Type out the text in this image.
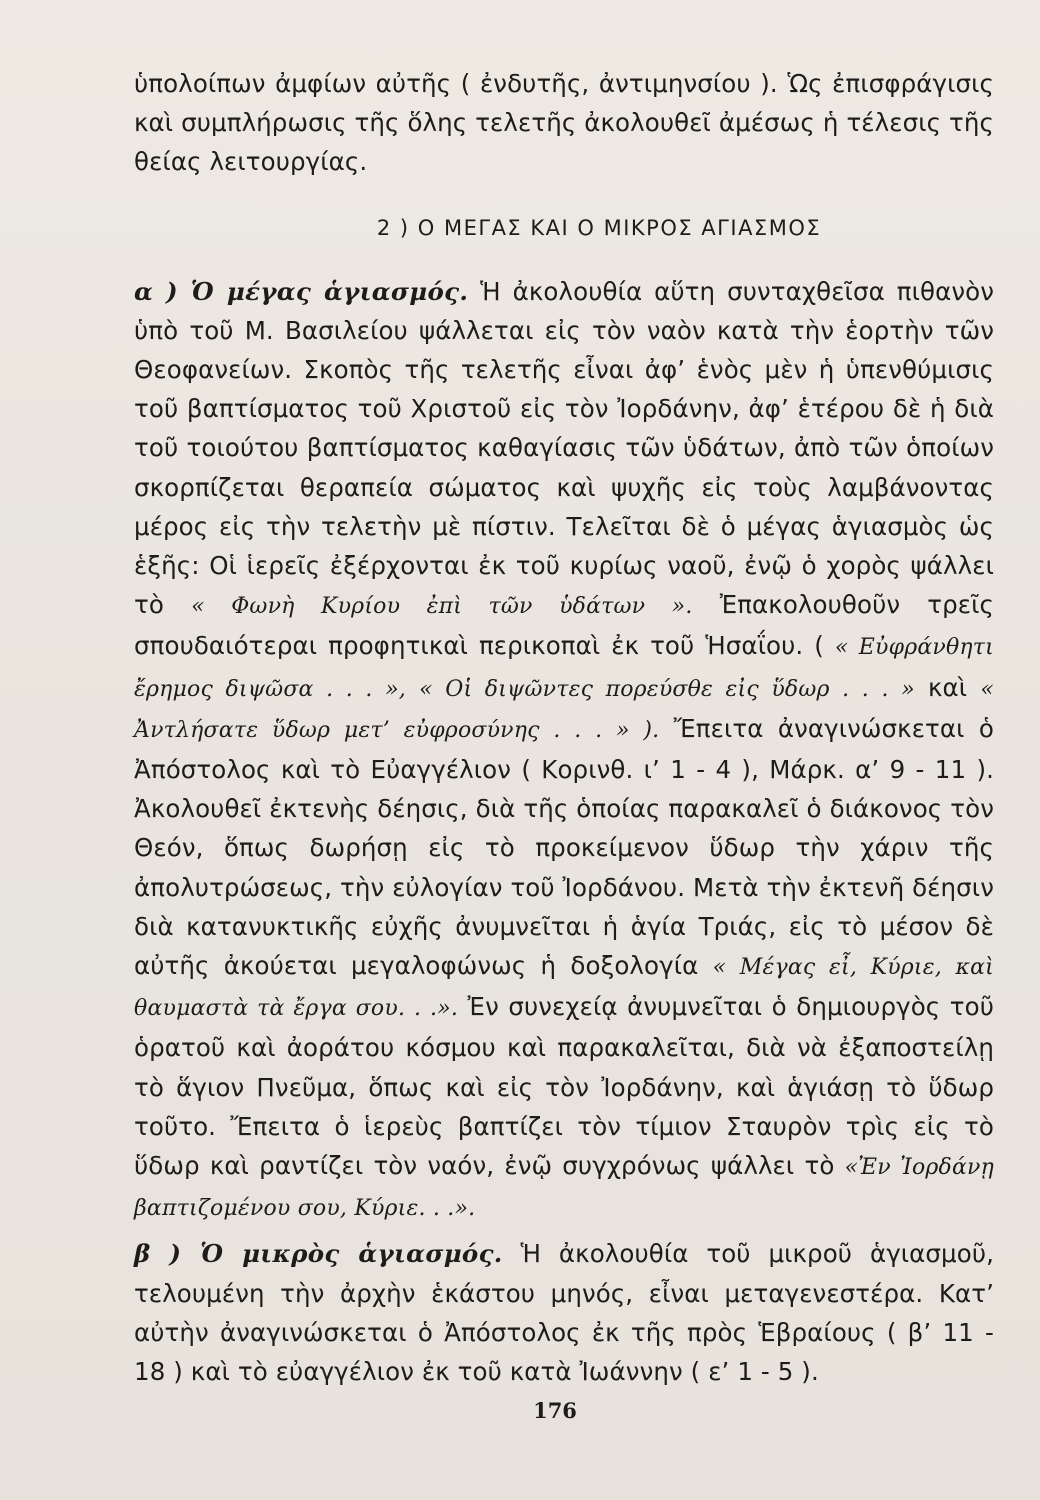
ὑπολοίπων ἀμφίων αὐτῆς ( ἐνδυτῆς, ἀντιμηνσίου ). Ὡς ἐπισφράγισις καὶ συμπλήρωσις τῆς ὅλης τελετῆς ἀκολουθεῖ ἀμέσως ἡ τέλεσις τῆς θείας λειτουργίας.

2 ) Ο ΜΕΓΑΣ ΚΑΙ Ο ΜΙΚΡΟΣ ΑΓΙΑΣΜΟΣ

α ) Ὁ μέγας ἁγιασμός. Ἡ ἀκολουθία αὕτη συνταχθεῖσα πιθανὸν ὑπὸ τοῦ Μ. Βασιλείου ψάλλεται εἰς τὸν ναὸν κατὰ τὴν ἑορτὴν τῶν Θεοφανείων. Σκοπὸς τῆς τελετῆς εἶναι ἀφ’ ἑνὸς μὲν ἡ ὑπενθύμισις τοῦ βαπτίσματος τοῦ Χριστοῦ εἰς τὸν Ἰορδάνην, ἀφ’ ἑτέρου δὲ ἡ διὰ τοῦ τοιούτου βαπτίσματος καθαγίασις τῶν ὑδάτων, ἀπὸ τῶν ὁποίων σκορπίζεται θεραπεία σώματος καὶ ψυχῆς εἰς τοὺς λαμβάνοντας μέρος εἰς τὴν τελετὴν μὲ πίστιν. Τελεῖται δὲ ὁ μέγας ἁγιασμὸς ὡς ἑξῆς: Οἱ ἱερεῖς ἐξέρχονται ἐκ τοῦ κυρίως ναοῦ, ἐνῷ ὁ χορὸς ψάλλει τὸ « Φωνὴ Κυρίου ἐπὶ τῶν ὑδάτων ». Ἐπακολουθοῦν τρεῖς σπουδαιότεραι προφητικαὶ περικοπαὶ ἐκ τοῦ Ἡσαΐου. ( « Εὐφράνθητι ἔρημος διψῶσα . . . », « Οἱ διψῶντες πορεύσθε εἰς ὕδωρ . . . » καὶ « Ἀντλήσατε ὕδωρ μετ’ εὐφροσύνης . . . » ). Ἔπειτα ἀναγινώσκεται ὁ Ἀπόστολος καὶ τὸ Εὐαγγέλιον ( Κορινθ. ι’ 1 - 4 ), Μάρκ. α’ 9 - 11 ). Ἀκολουθεῖ ἐκτενὴς δέησις, διὰ τῆς ὁποίας παρακαλεῖ ὁ διάκονος τὸν Θεόν, ὅπως δωρήσῃ εἰς τὸ προκείμενον ὕδωρ τὴν χάριν τῆς ἀπολυτρώσεως, τὴν εὐλογίαν τοῦ Ἰορδάνου. Μετὰ τὴν ἐκτενῆ δέησιν διὰ κατανυκτικῆς εὐχῆς ἀνυμνεῖται ἡ ἁγία Τριάς, εἰς τὸ μέσον δὲ αὐτῆς ἀκούεται μεγαλοφώνως ἡ δοξολογία « Μέγας εἶ, Κύριε, καὶ θαυμαστὰ τὰ ἔργα σου. . .». Ἐν συνεχείᾳ ἀνυμνεῖται ὁ δημιουργὸς τοῦ ὁρατοῦ καὶ ἀοράτου κόσμου καὶ παρακαλεῖται, διὰ νὰ ἐξαποστείλῃ τὸ ἅγιον Πνεῦμα, ὅπως καὶ εἰς τὸν Ἰορδάνην, καὶ ἁγιάσῃ τὸ ὕδωρ τοῦτο. Ἔπειτα ὁ ἱερεὺς βαπτίζει τὸν τίμιον Σταυρὸν τρὶς εἰς τὸ ὕδωρ καὶ ραντίζει τὸν ναόν, ἐνῷ συγχρόνως ψάλλει τὸ «Ἐν Ἰορδάνῃ βαπτιζομένου σου, Κύριε. . .».

β ) Ὁ μικρὸς ἁγιασμός. Ἡ ἀκολουθία τοῦ μικροῦ ἁγιασμοῦ, τελουμένη τὴν ἀρχὴν ἑκάστου μηνός, εἶναι μεταγενεστέρα. Κατ’ αὐτὴν ἀναγινώσκεται ὁ Ἀπόστολος ἐκ τῆς πρὸς Ἑβραίους ( β’ 11 - 18 ) καὶ τὸ εὐαγγέλιον ἐκ τοῦ κατὰ Ἰωάννην ( ε’ 1 - 5 ).

176
